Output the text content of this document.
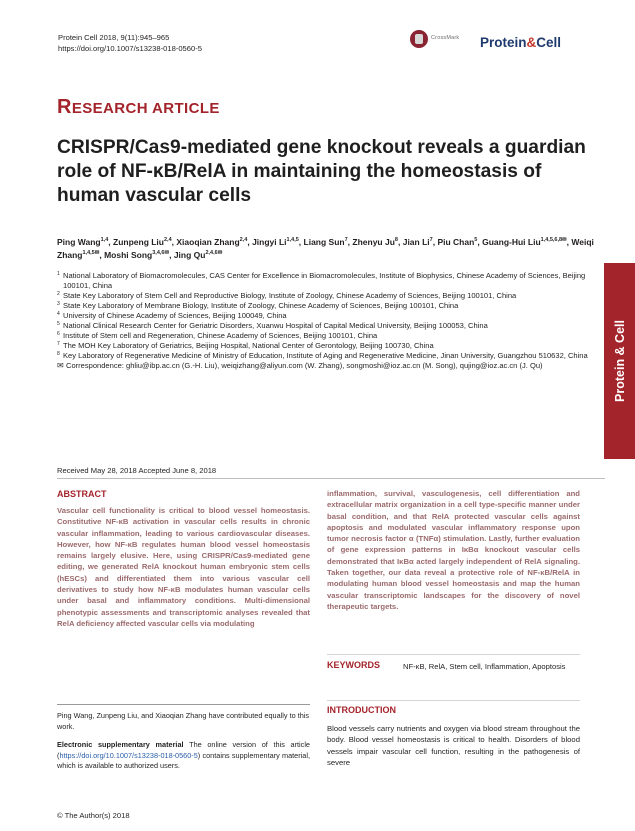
Protein Cell 2018, 9(11):945–965
https://doi.org/10.1007/s13238-018-0560-5
CrossMark Protein&Cell
Protein & Cell
RESEARCH ARTICLE
CRISPR/Cas9-mediated gene knockout reveals a guardian role of NF-κB/RelA in maintaining the homeostasis of human vascular cells
Ping Wang$^{1,4}$, Zunpeng Liu$^{2,4}$, Xiaoqian Zhang$^{2,4}$, Jingyi Li$^{1,4,5}$, Liang Sun$^7$, Zhenyu Ju$^8$, Jian Li$^7$, Piu Chan$^5$, Guang-Hui Liu$^{1,4,5,6,8✉}$, Weiqi Zhang$^{1,4,5✉}$, Moshi Song$^{3,4,6✉}$, Jing $Qu^{2,4,6✉}$
1 National Laboratory of Biomacromolecules, CAS Center for Excellence in Biomacromolecules, Institute of Biophysics, Chinese Academy of Sciences, Beijing 100101, China
2 State Key Laboratory of Stem Cell and Reproductive Biology, Institute of Zoology, Chinese Academy of Sciences, Beijing 100101, China
3 State Key Laboratory of Membrane Biology, Institute of Zoology, Chinese Academy of Sciences, Beijing 100101, China
4 University of Chinese Academy of Sciences, Beijing 100049, China
5 National Clinical Research Center for Geriatric Disorders, Xuanwu Hospital of Capital Medical University, Beijing 100053, China
6 Institute of Stem cell and Regeneration, Chinese Academy of Sciences, Beijing 100101, China
7 The MOH Key Laboratory of Geriatrics, Beijing Hospital, National Center of Gerontology, Beijing 100730, China
8 Key Laboratory of Regenerative Medicine of Ministry of Education, Institute of Aging and Regenerative Medicine, Jinan University, Guangzhou 510632, China
✉ Correspondence: ghliu@ibp.ac.cn (G.-H. Liu), weiqizhang@aliyun.com (W. Zhang), songmoshi@ioz.ac.cn (M. Song), qujing@ioz.ac.cn (J. Qu)
Received May 28, 2018 Accepted June 8, 2018
ABSTRACT
Vascular cell functionality is critical to blood vessel homeostasis. Constitutive NF-κB activation in vascular cells results in chronic vascular inflammation, leading to various cardiovascular diseases. However, how NF-κB regulates human blood vessel homeostasis remains largely elusive. Here, using CRISPR/Cas9-mediated gene editing, we generated RelA knockout human embryonic stem cells (hESCs) and differentiated them into various vascular cell derivatives to study how NF-κB modulates human vascular cells under basal and inflammatory conditions. Multi-dimensional phenotypic assessments and transcriptomic analyses revealed that RelA deficiency affected vascular cells via modulating
inflammation, survival, vasculogenesis, cell differentiation and extracellular matrix organization in a cell type-specific manner under basal condition, and that RelA protected vascular cells against apoptosis and modulated vascular inflammatory response upon tumor necrosis factor α (TNFα) stimulation. Lastly, further evaluation of gene expression patterns in IκBα knockout vascular cells demonstrated that IκBα acted largely independent of RelA signaling. Taken together, our data reveal a protective role of NF-κB/RelA in modulating human blood vessel homeostasis and map the human vascular transcriptomic landscapes for the discovery of novel therapeutic targets.
KEYWORDS	NF-κB, RelA, Stem cell, Inflammation, Apoptosis
INTRODUCTION
Blood vessels carry nutrients and oxygen via blood stream throughout the body. Blood vessel homeostasis is critical to health. Disorders of blood vessels impair vascular cell function, resulting in the pathogenesis of severe
Ping Wang, Zunpeng Liu, and Xiaoqian Zhang have contributed equally to this work.
Electronic supplementary material The online version of this article (https://doi.org/10.1007/s13238-018-0560-5) contains supplementary material, which is available to authorized users.
© The Author(s) 2018
